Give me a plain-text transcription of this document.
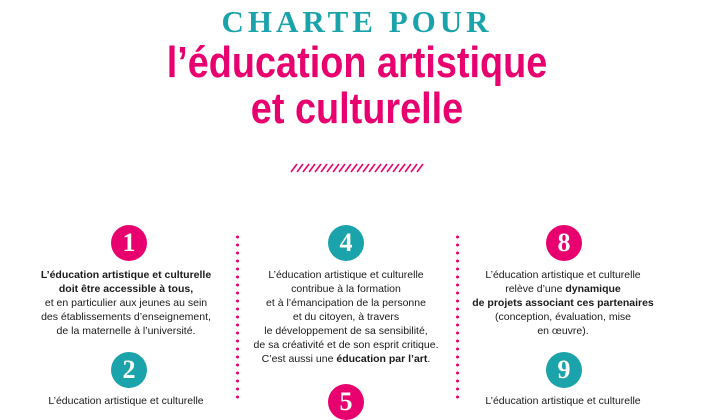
CHARTE POUR
l’éducation artistique
et culturelle
1
L’éducation artistique et culturelle
doit être accessible à tous,
et en particulier aux jeunes au sein
des établissements d’enseignement,
de la maternelle à l’université.
2
L’éducation artistique et culturelle
4
L’éducation artistique et culturelle
contribue à la formation
et à l’émancipation de la personne
et du citoyen, à travers
le développement de sa sensibilité,
de sa créativité et de son esprit critique.
C’est aussi une éducation par l’art.
5
8
L’éducation artistique et culturelle
relève d’une dynamique
de projets associant ces partenaires
(conception, évaluation, mise
en œuvre).
9
L’éducation artistique et culturelle
